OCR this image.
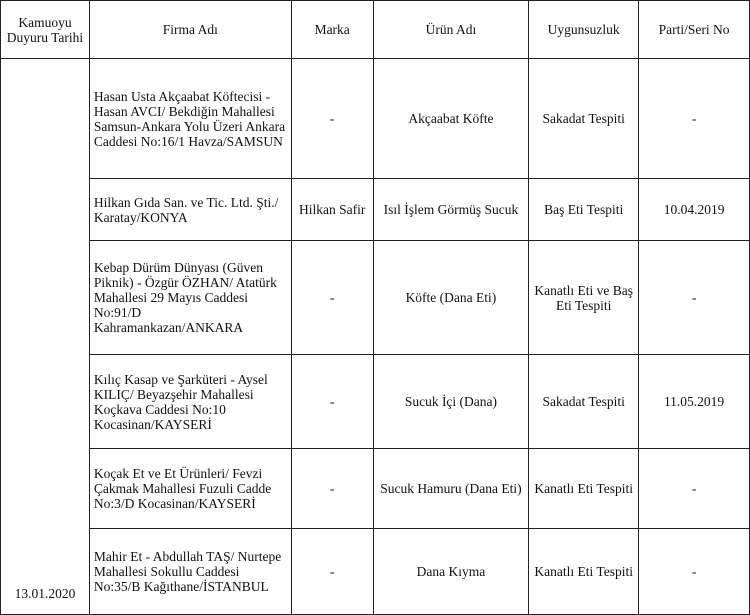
Kamuoyu Duyuru Tarihi	Firma Adı	Marka	Ürün Adı	Uygunsuzluk	Parti/Seri No
13.01.2020	Hasan Usta Akçaabat Köftecisi - Hasan AVCI/ Bekdiğin Mahallesi Samsun-Ankara Yolu Üzeri Ankara Caddesi No:16/1 Havza/SAMSUN	-	Akçaabat Köfte	Sakadat Tespiti	-
	Hilkan Gıda San. ve Tic. Ltd. Şti./ Karatay/KONYA	Hilkan Safir	Isıl İşlem Görmüş Sucuk	Baş Eti Tespiti	10.04.2019
	Kebap Dürüm Dünyası (Güven Piknik) - Özgür ÖZHAN/ Atatürk Mahallesi 29 Mayıs Caddesi No:91/D Kahramankazan/ANKARA	-	Köfte (Dana Eti)	Kanatlı Eti ve Baş Eti Tespiti	-
	Kılıç Kasap ve Şarküteri - Aysel KILIÇ/ Beyazşehir Mahallesi Koçkava Caddesi No:10 Kocasinan/KAYSERİ	-	Sucuk İçi (Dana)	Sakadat Tespiti	11.05.2019
	Koçak Et ve Et Ürünleri/ Fevzi Çakmak Mahallesi Fuzuli Cadde No:3/D Kocasinan/KAYSERİ	-	Sucuk Hamuru (Dana Eti)	Kanatlı Eti Tespiti	-
	Mahir Et - Abdullah TAŞ/ Nurtepe Mahallesi Sokullu Caddesi No:35/B Kağıthane/İSTANBUL	-	Dana Kıyma	Kanatlı Eti Tespiti	-
